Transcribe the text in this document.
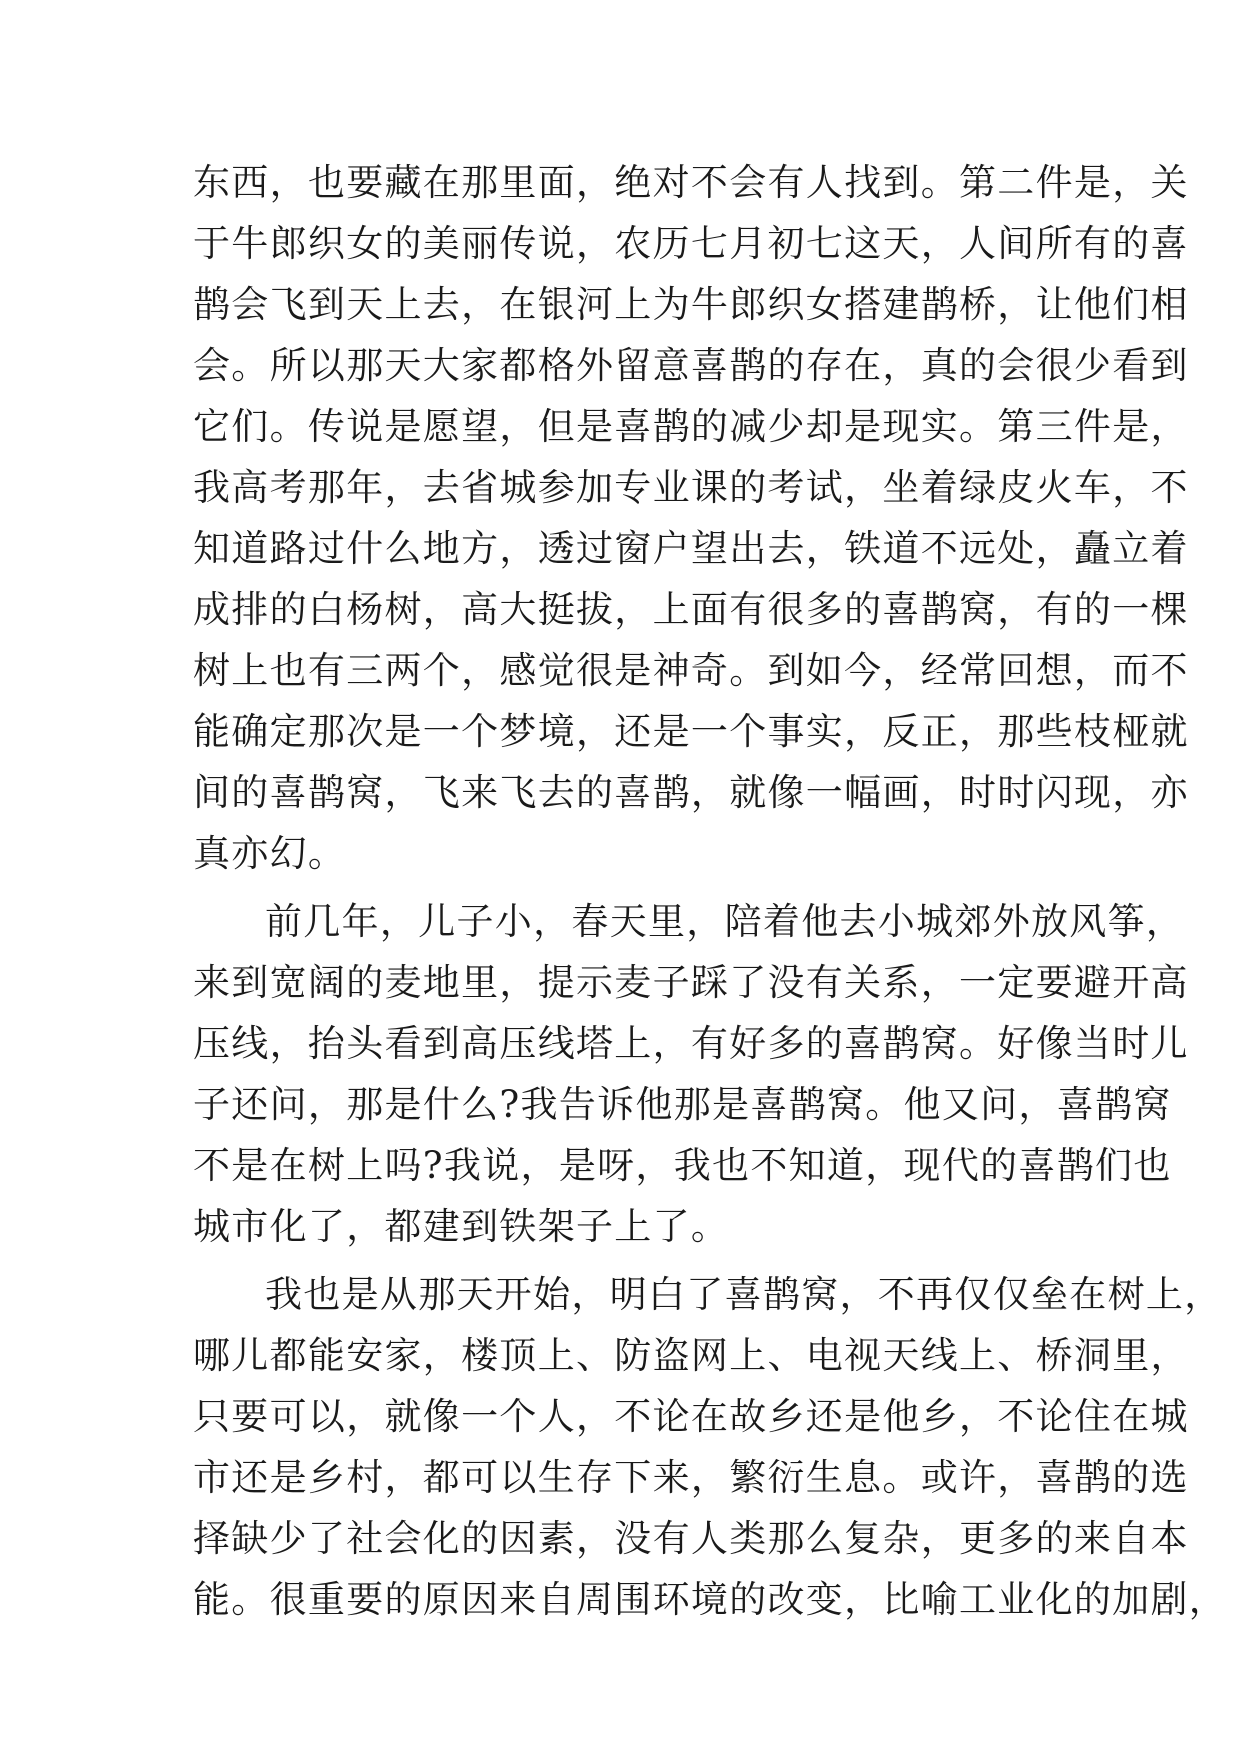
东西，也要藏在那里面，绝对不会有人找到。第二件是，关

于牛郎织女的美丽传说，农历七月初七这天，人间所有的喜

鹊会飞到天上去，在银河上为牛郎织女搭建鹊桥，让他们相

会。所以那天大家都格外留意喜鹊的存在，真的会很少看到

它们。传说是愿望，但是喜鹊的减少却是现实。第三件是，

我高考那年，去省城参加专业课的考试，坐着绿皮火车，不

知道路过什么地方，透过窗户望出去，铁道不远处，矗立着

成排的白杨树，高大挺拔，上面有很多的喜鹊窝，有的一棵

树上也有三两个，感觉很是神奇。到如今，经常回想，而不

能确定那次是一个梦境，还是一个事实，反正，那些枝桠就

间的喜鹊窝，飞来飞去的喜鹊，就像一幅画，时时闪现，亦

真亦幻。

前几年，儿子小，春天里，陪着他去小城郊外放风筝，

来到宽阔的麦地里，提示麦子踩了没有关系，一定要避开高

压线，抬头看到高压线塔上，有好多的喜鹊窝。好像当时儿

子还问，那是什么?我告诉他那是喜鹊窝。他又问，喜鹊窝

不是在树上吗?我说，是呀，我也不知道，现代的喜鹊们也

城市化了，都建到铁架子上了。

我也是从那天开始，明白了喜鹊窝，不再仅仅垒在树上，

哪儿都能安家，楼顶上、防盗网上、电视天线上、桥洞里，

只要可以，就像一个人，不论在故乡还是他乡，不论住在城

市还是乡村，都可以生存下来，繁衍生息。或许，喜鹊的选

择缺少了社会化的因素，没有人类那么复杂，更多的来自本

能。很重要的原因来自周围环境的改变，比喻工业化的加剧，
